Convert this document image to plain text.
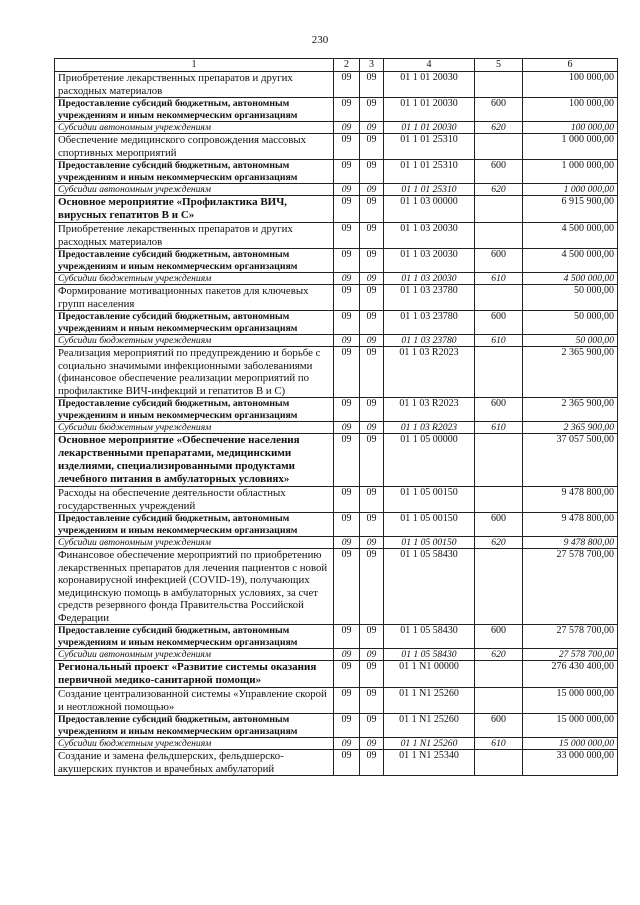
230
1	2	3	4	5	6
Приобретение лекарственных препаратов и других расходных материалов	09	09	01 1 01 20030		100 000,00
Предоставление субсидий бюджетным, автономным учреждениям и иным некоммерческим организациям	09	09	01 1 01 20030	600	100 000,00
Субсидии автономным учреждениям	09	09	01 1 01 20030	620	100 000,00
Обеспечение медицинского сопровождения массовых спортивных мероприятий	09	09	01 1 01 25310		1 000 000,00
Предоставление субсидий бюджетным, автономным учреждениям и иным некоммерческим организациям	09	09	01 1 01 25310	600	1 000 000,00
Субсидии автономным учреждениям	09	09	01 1 01 25310	620	1 000 000,00
Основное мероприятие «Профилактика ВИЧ, вирусных гепатитов В и С»	09	09	01 1 03 00000		6 915 900,00
Приобретение лекарственных препаратов и других расходных материалов	09	09	01 1 03 20030		4 500 000,00
Предоставление субсидий бюджетным, автономным учреждениям и иным некоммерческим организациям	09	09	01 1 03 20030	600	4 500 000,00
Субсидии бюджетным учреждениям	09	09	01 1 03 20030	610	4 500 000,00
Формирование мотивационных пакетов для ключевых групп населения	09	09	01 1 03 23780		50 000,00
Предоставление субсидий бюджетным, автономным учреждениям и иным некоммерческим организациям	09	09	01 1 03 23780	600	50 000,00
Субсидии бюджетным учреждениям	09	09	01 1 03 23780	610	50 000,00
Реализация мероприятий по предупреждению и борьбе с социально значимыми инфекционными заболеваниями (финансовое обеспечение реализации мероприятий по профилактике ВИЧ-инфекций и гепатитов В и С)	09	09	01 1 03 R2023		2 365 900,00
Предоставление субсидий бюджетным, автономным учреждениям и иным некоммерческим организациям	09	09	01 1 03 R2023	600	2 365 900,00
Субсидии бюджетным учреждениям	09	09	01 1 03 R2023	610	2 365 900,00
Основное мероприятие «Обеспечение населения лекарственными препаратами, медицинскими изделиями, специализированными продуктами лечебного питания в амбулаторных условиях»	09	09	01 1 05 00000		37 057 500,00
Расходы на обеспечение деятельности областных государственных учреждений	09	09	01 1 05 00150		9 478 800,00
Предоставление субсидий бюджетным, автономным учреждениям и иным некоммерческим организациям	09	09	01 1 05 00150	600	9 478 800,00
Субсидии автономным учреждениям	09	09	01 1 05 00150	620	9 478 800,00
Финансовое обеспечение мероприятий по приобретению лекарственных препаратов для лечения пациентов с новой коронавирусной инфекцией (COVID-19), получающих медицинскую помощь в амбулаторных условиях, за счет средств резервного фонда Правительства Российской Федерации	09	09	01 1 05 58430		27 578 700,00
Предоставление субсидий бюджетным, автономным учреждениям и иным некоммерческим организациям	09	09	01 1 05 58430	600	27 578 700,00
Субсидии автономным учреждениям	09	09	01 1 05 58430	620	27 578 700,00
Региональный проект «Развитие системы оказания первичной медико-санитарной помощи»	09	09	01 1 N1 00000		276 430 400,00
Создание централизованной системы «Управление скорой и неотложной помощью»	09	09	01 1 N1 25260		15 000 000,00
Предоставление субсидий бюджетным, автономным учреждениям и иным некоммерческим организациям	09	09	01 1 N1 25260	600	15 000 000,00
Субсидии бюджетным учреждениям	09	09	01 1 N1 25260	610	15 000 000,00
Создание и замена фельдшерских, фельдшерско-акушерских пунктов и врачебных амбулаторий	09	09	01 1 N1 25340		33 000 000,00
